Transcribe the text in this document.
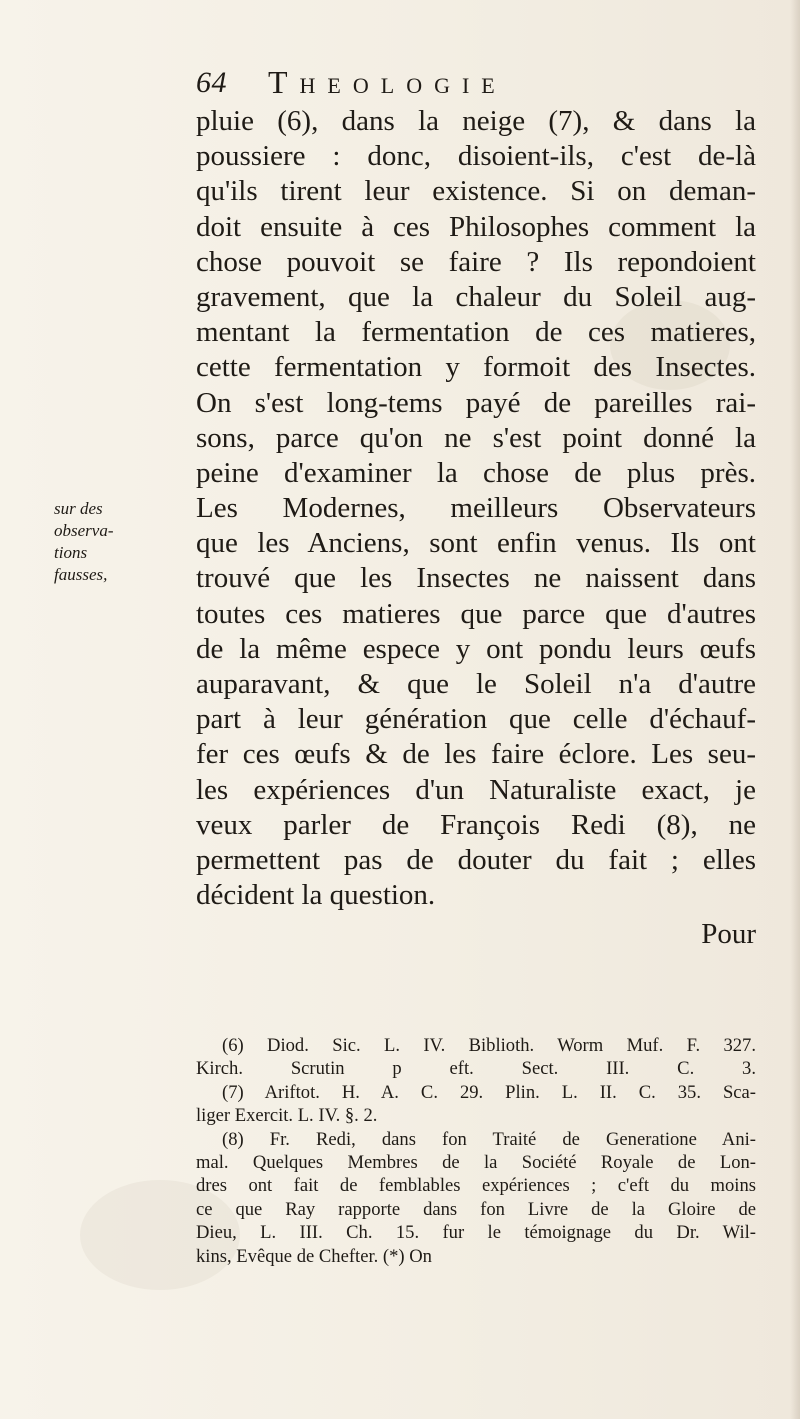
64 Theologie
sur des
observa-
tions
fausses,
pluie (6), dans la neige (7), & dans la
poussiere : donc, disoient-ils, c'est de-là
qu'ils tirent leur existence. Si on deman-
doit ensuite à ces Philosophes comment la
chose pouvoit se faire ? Ils repondoient
gravement, que la chaleur du Soleil aug-
mentant la fermentation de ces matieres,
cette fermentation y formoit des Insectes.
On s'est long-tems payé de pareilles rai-
sons, parce qu'on ne s'est point donné la
peine d'examiner la chose de plus près.
Les Modernes, meilleurs Observateurs
que les Anciens, sont enfin venus. Ils ont
trouvé que les Insectes ne naissent dans
toutes ces matieres que parce que d'autres
de la même espece y ont pondu leurs œufs
auparavant, & que le Soleil n'a d'autre
part à leur génération que celle d'échauf-
fer ces œufs & de les faire éclore. Les seu-
les expériences d'un Naturaliste exact, je
veux parler de François Redi (8), ne
permettent pas de douter du fait ; elles
décident la question.
Pour
(6) Diod. Sic. L. IV. Biblioth. Worm Muf. F. 327.
Kirch. Scrutin p eft. Sect. III. C. 3.
(7) Ariftot. H. A. C. 29. Plin. L. II. C. 35. Sca-
liger Exercit. L. IV. §. 2.
(8) Fr. Redi, dans fon Traité de Generatione Ani-
mal. Quelques Membres de la Société Royale de Lon-
dres ont fait de femblables expériences ; c'eft du moins
ce que Ray rapporte dans fon Livre de la Gloire de
Dieu, L. III. Ch. 15. fur le témoignage du Dr. Wil-
kins, Evêque de Chefter. (*) On
